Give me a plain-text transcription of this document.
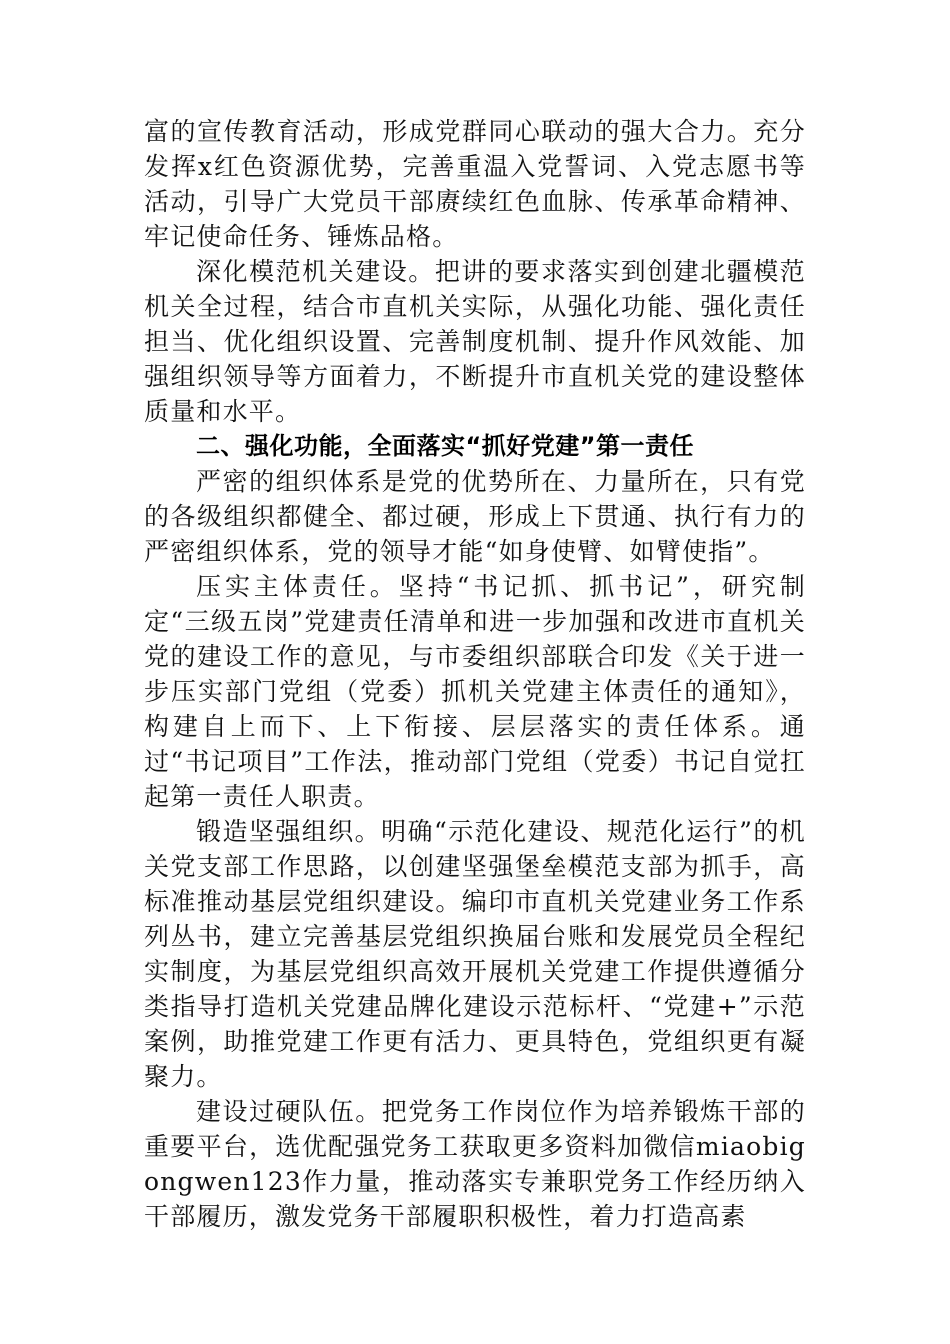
富的宣传教育活动，形成党群同心联动的强大合力。充分发挥x红色资源优势，完善重温入党誓词、入党志愿书等活动，引导广大党员干部赓续红色血脉、传承革命精神、牢记使命任务、锤炼品格。

深化模范机关建设。把讲的要求落实到创建北疆模范机关全过程，结合市直机关实际，从强化功能、强化责任担当、优化组织设置、完善制度机制、提升作风效能、加强组织领导等方面着力，不断提升市直机关党的建设整体质量和水平。

二、强化功能，全面落实“抓好党建”第一责任

严密的组织体系是党的优势所在、力量所在，只有党的各级组织都健全、都过硬，形成上下贯通、执行有力的严密组织体系，党的领导才能“如身使臂、如臂使指”。

压实主体责任。坚持“书记抓、抓书记”，研究制定“三级五岗”党建责任清单和进一步加强和改进市直机关党的建设工作的意见，与市委组织部联合印发《关于进一步压实部门党组（党委）抓机关党建主体责任的通知》，构建自上而下、上下衔接、层层落实的责任体系。通过“书记项目”工作法，推动部门党组（党委）书记自觉扛起第一责任人职责。

锻造坚强组织。明确“示范化建设、规范化运行”的机关党支部工作思路，以创建坚强堡垒模范支部为抓手，高标准推动基层党组织建设。编印市直机关党建业务工作系列丛书，建立完善基层党组织换届台账和发展党员全程纪实制度，为基层党组织高效开展机关党建工作提供遵循分类指导打造机关党建品牌化建设示范标杆、“党建+”示范案例，助推党建工作更有活力、更具特色，党组织更有凝聚力。

建设过硬队伍。把党务工作岗位作为培养锻炼干部的重要平台，选优配强党务工获取更多资料加微信miaobigongwen123作力量，推动落实专兼职党务工作经历纳入干部履历，激发党务干部履职积极性，着力打造高素
